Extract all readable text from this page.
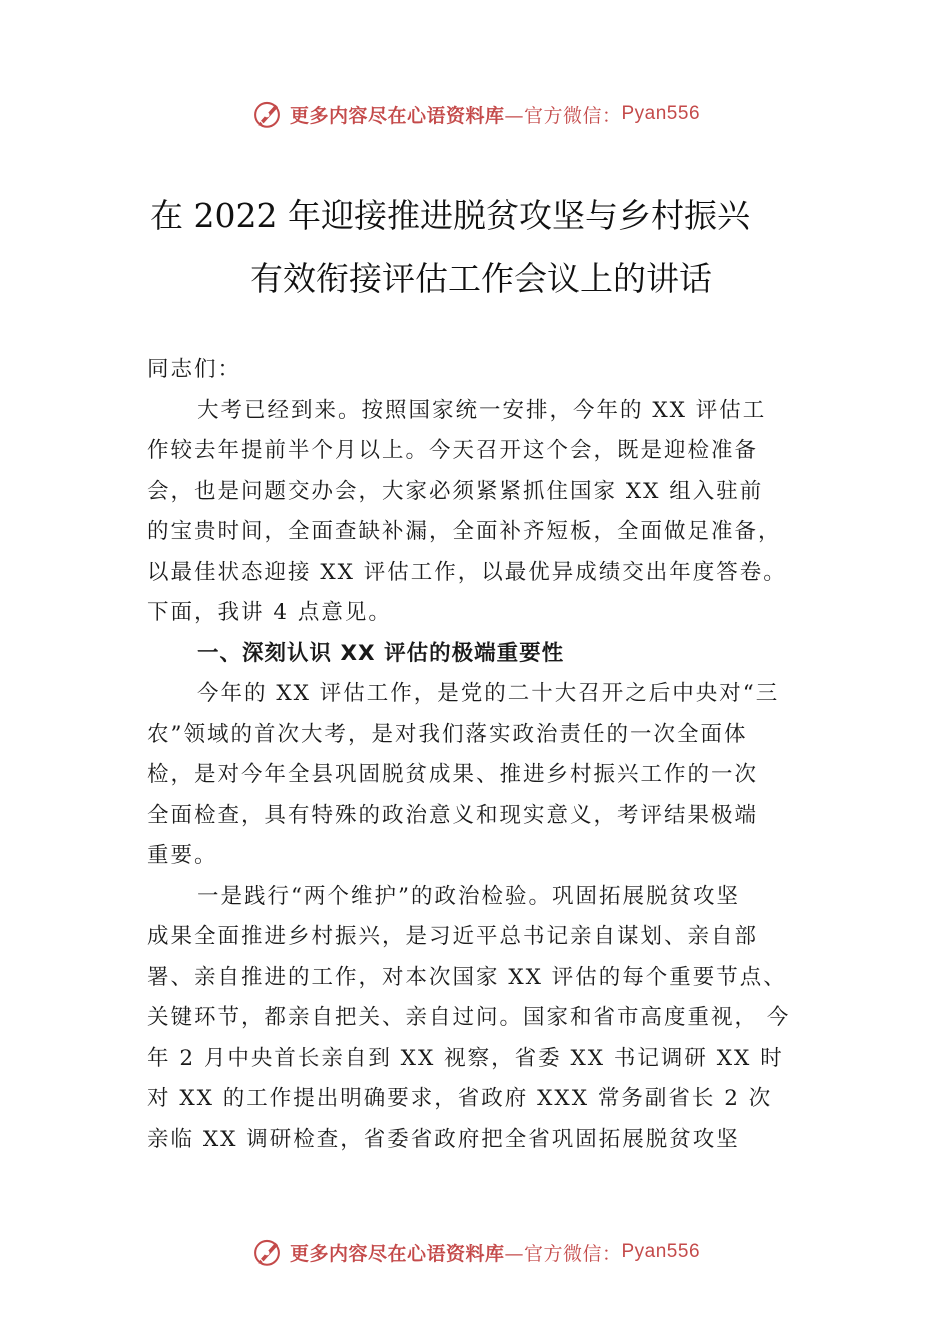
更多内容尽在心语资料库 —官方微信： Pyan556
在 2022 年迎接推进脱贫攻坚与乡村振兴
有效衔接评估工作会议上的讲话
同志们：
大考已经到来。按照国家统一安排，今年的 XX 评估工
作较去年提前半个月以上。今天召开这个会，既是迎检准备
会，也是问题交办会，大家必须紧紧抓住国家 XX 组入驻前
的宝贵时间，全面查缺补漏，全面补齐短板，全面做足准备，
以最佳状态迎接 XX 评估工作，以最优异成绩交出年度答卷。
下面，我讲 4 点意见。
一、深刻认识 XX 评估的极端重要性
今年的 XX 评估工作，是党的二十大召开之后中央对“三
农”领域的首次大考，是对我们落实政治责任的一次全面体
检，是对今年全县巩固脱贫成果、推进乡村振兴工作的一次
全面检查，具有特殊的政治意义和现实意义，考评结果极端
重要。
一是践行“两个维护”的政治检验。巩固拓展脱贫攻坚
成果全面推进乡村振兴，是习近平总书记亲自谋划、亲自部
署、亲自推进的工作，对本次国家 XX 评估的每个重要节点、
关键环节，都亲自把关、亲自过问。国家和省市高度重视， 今
年 2 月中央首长亲自到 XX 视察，省委 XX 书记调研 XX 时
对 XX 的工作提出明确要求，省政府 XXX 常务副省长 2 次
亲临 XX 调研检查，省委省政府把全省巩固拓展脱贫攻坚
更多内容尽在心语资料库 —官方微信： Pyan556
